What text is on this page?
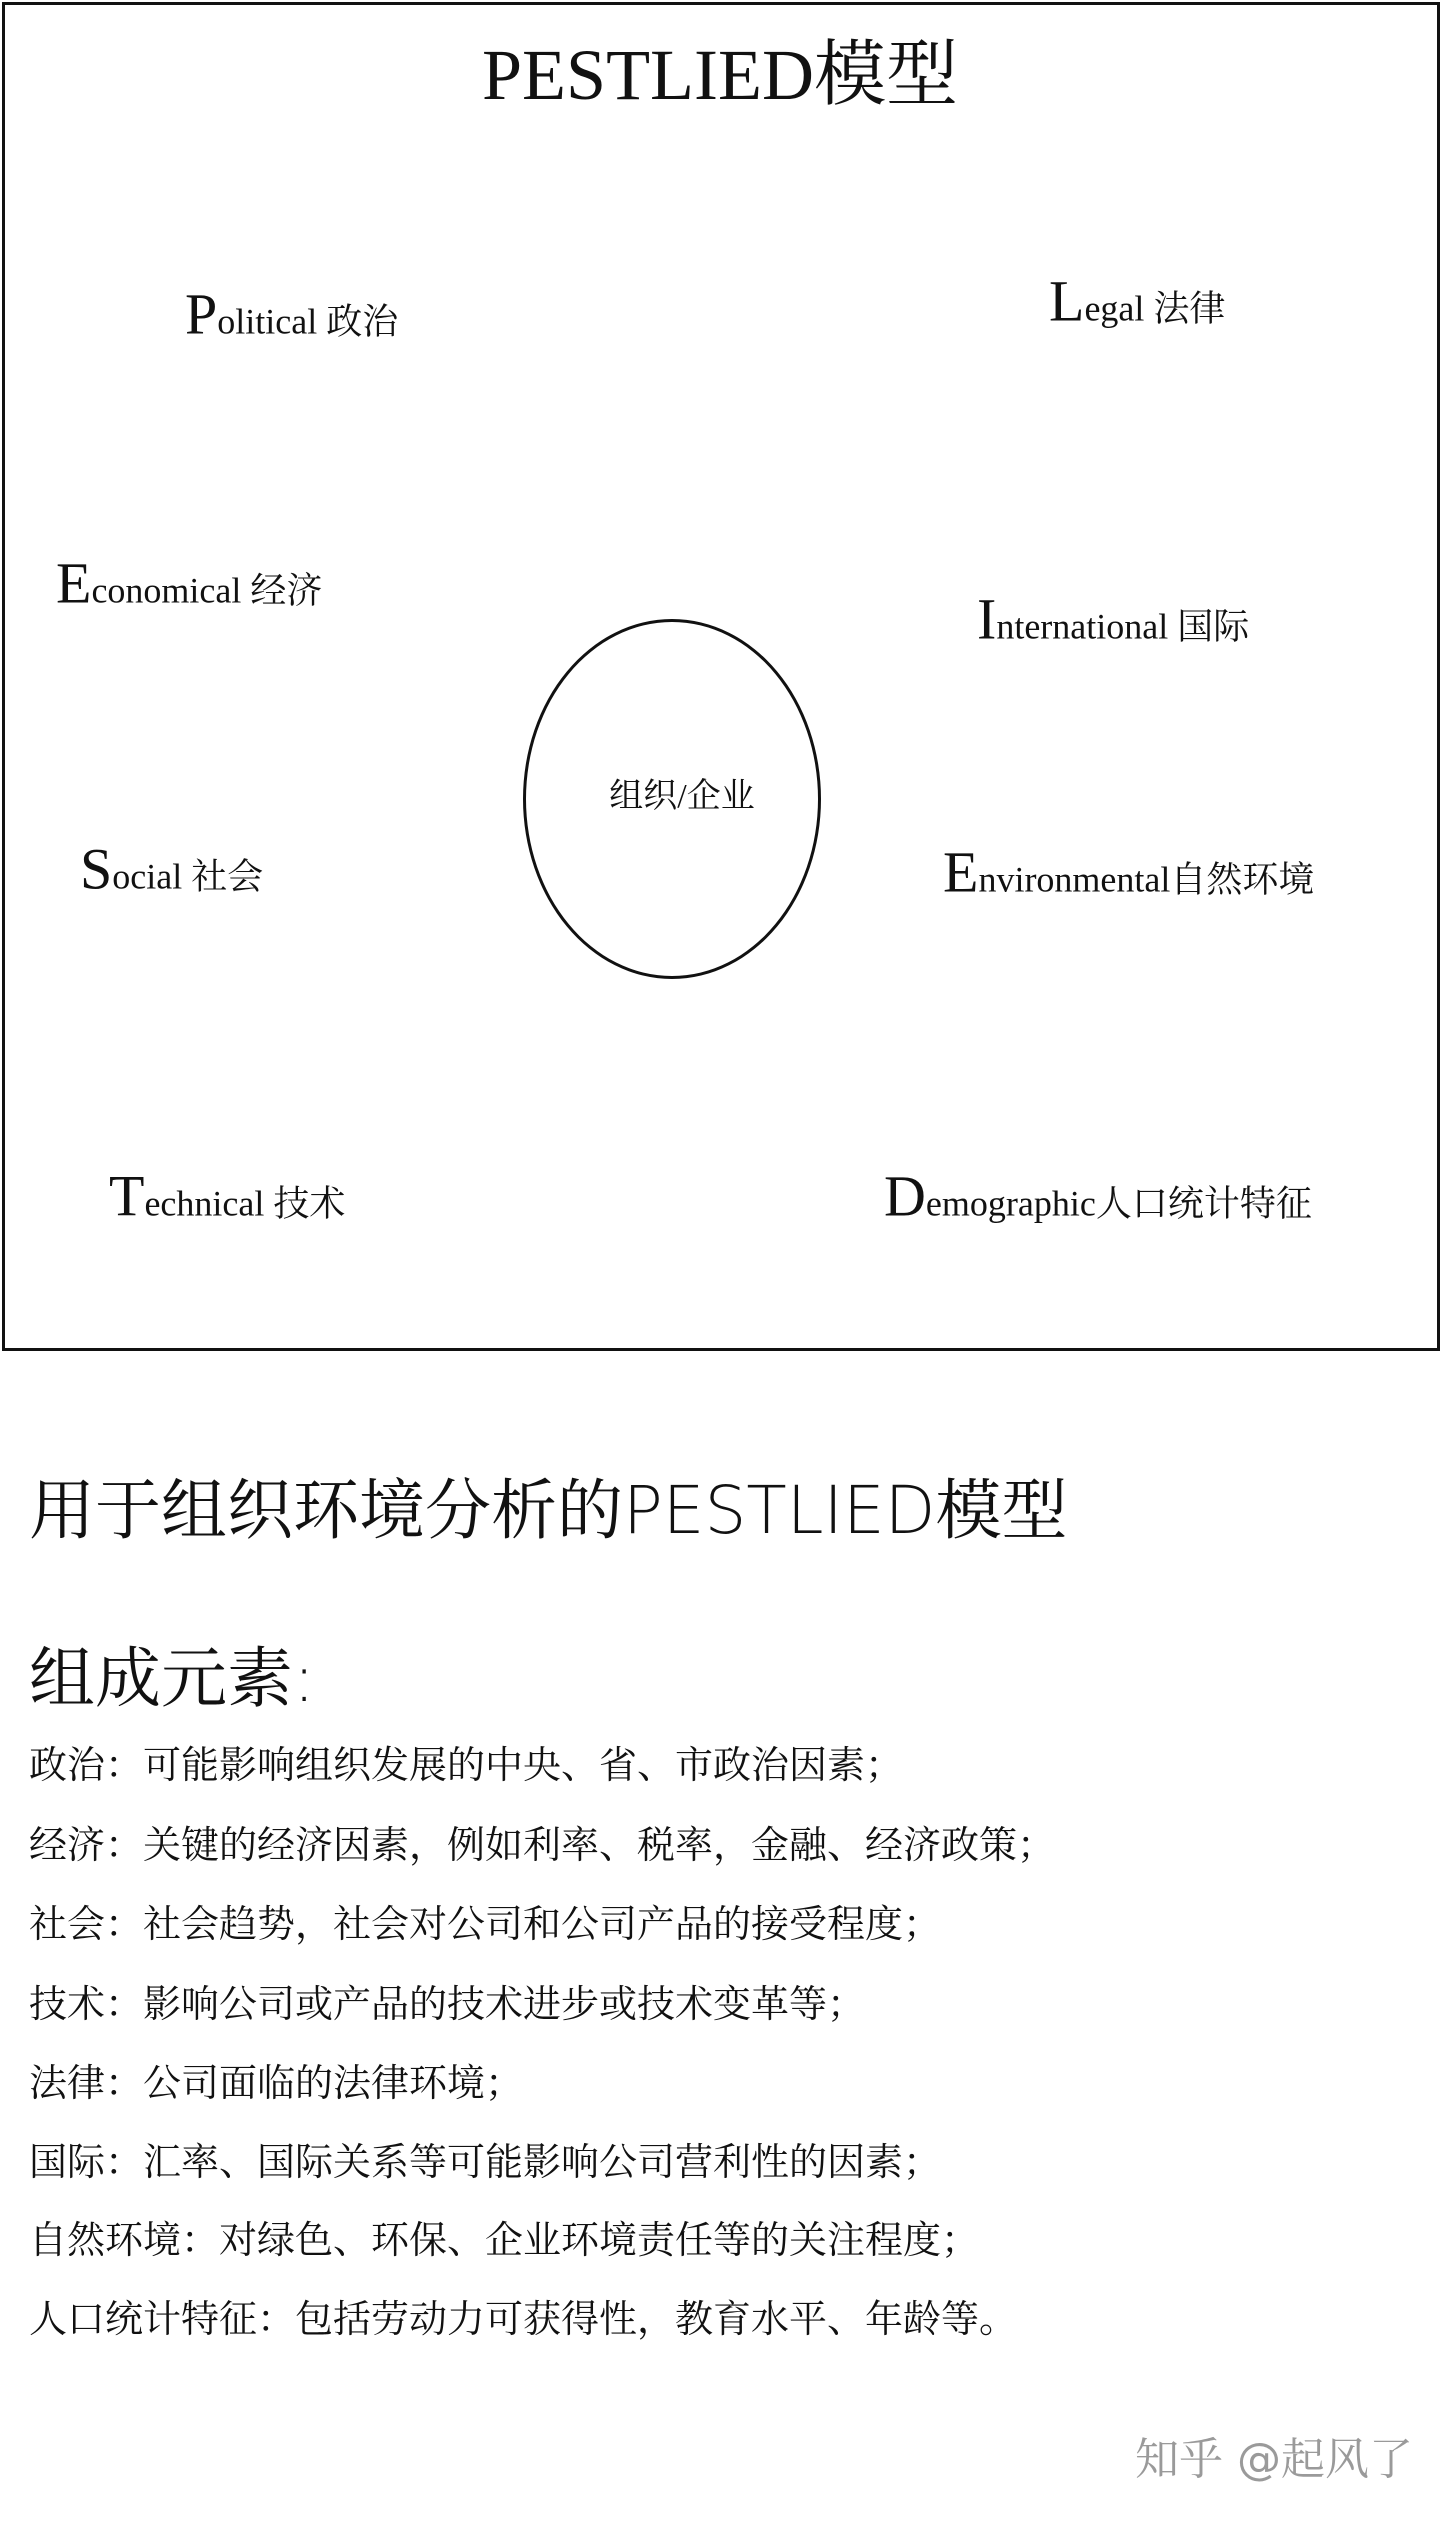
PESTLIED模型
Political 政治	Legal 法律
Economical 经济	International 国际
Social 社会	Environmental自然环境
Technical 技术	Demographic人口统计特征
组织/企业
用于组织环境分析的PESTLIED模型
组成元素:
政治：可能影响组织发展的中央、省、市政治因素；
经济：关键的经济因素，例如利率、税率，金融、经济政策；
社会：社会趋势，社会对公司和公司产品的接受程度；
技术：影响公司或产品的技术进步或技术变革等；
法律：公司面临的法律环境；
国际：汇率、国际关系等可能影响公司营利性的因素；
自然环境：对绿色、环保、企业环境责任等的关注程度；
人口统计特征：包括劳动力可获得性，教育水平、年龄等。
知乎 @起风了
